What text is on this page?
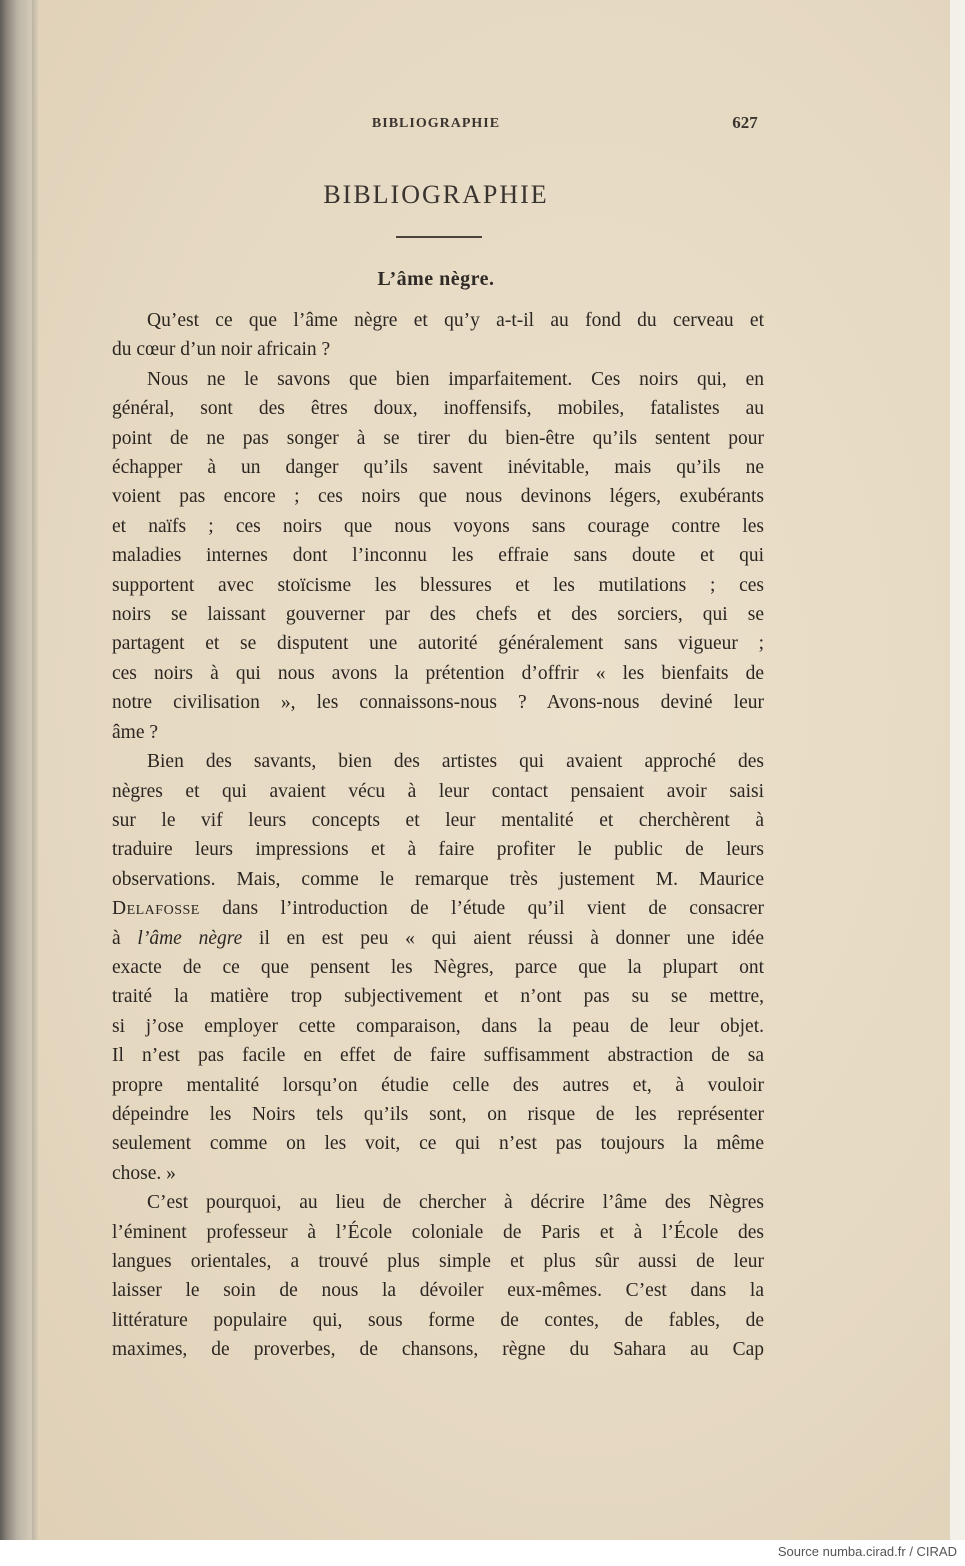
BIBLIOGRAPHIE	627
BIBLIOGRAPHIE
L’âme nègre.
Qu’est ce que l’âme nègre et qu’y a-t-il au fond du cerveau et
du cœur d’un noir africain ?
Nous ne le savons que bien imparfaitement. Ces noirs qui, en
général, sont des êtres doux, inoffensifs, mobiles, fatalistes au
point de ne pas songer à se tirer du bien-être qu’ils sentent pour
échapper à un danger qu’ils savent inévitable, mais qu’ils ne
voient pas encore ; ces noirs que nous devinons légers, exubérants
et naïfs ; ces noirs que nous voyons sans courage contre les
maladies internes dont l’inconnu les effraie sans doute et qui
supportent avec stoïcisme les blessures et les mutilations ; ces
noirs se laissant gouverner par des chefs et des sorciers, qui se
partagent et se disputent une autorité généralement sans vigueur ;
ces noirs à qui nous avons la prétention d’offrir « les bienfaits de
notre civilisation », les connaissons-nous ? Avons-nous deviné leur
âme ?
Bien des savants, bien des artistes qui avaient approché des
nègres et qui avaient vécu à leur contact pensaient avoir saisi
sur le vif leurs concepts et leur mentalité et cherchèrent à
traduire leurs impressions et à faire profiter le public de leurs
observations. Mais, comme le remarque très justement M. Maurice
Delafosse dans l’introduction de l’étude qu’il vient de consacrer
à l’âme nègre il en est peu « qui aient réussi à donner une idée
exacte de ce que pensent les Nègres, parce que la plupart ont
traité la matière trop subjectivement et n’ont pas su se mettre,
si j’ose employer cette comparaison, dans la peau de leur objet.
Il n’est pas facile en effet de faire suffisamment abstraction de sa
propre mentalité lorsqu’on étudie celle des autres et, à vouloir
dépeindre les Noirs tels qu’ils sont, on risque de les représenter
seulement comme on les voit, ce qui n’est pas toujours la même
chose. »
C’est pourquoi, au lieu de chercher à décrire l’âme des Nègres
l’éminent professeur à l’École coloniale de Paris et à l’École des
langues orientales, a trouvé plus simple et plus sûr aussi de leur
laisser le soin de nous la dévoiler eux-mêmes. C’est dans la
littérature populaire qui, sous forme de contes, de fables, de
maximes, de proverbes, de chansons, règne du Sahara au Cap
Source numba.cirad.fr / CIRAD
